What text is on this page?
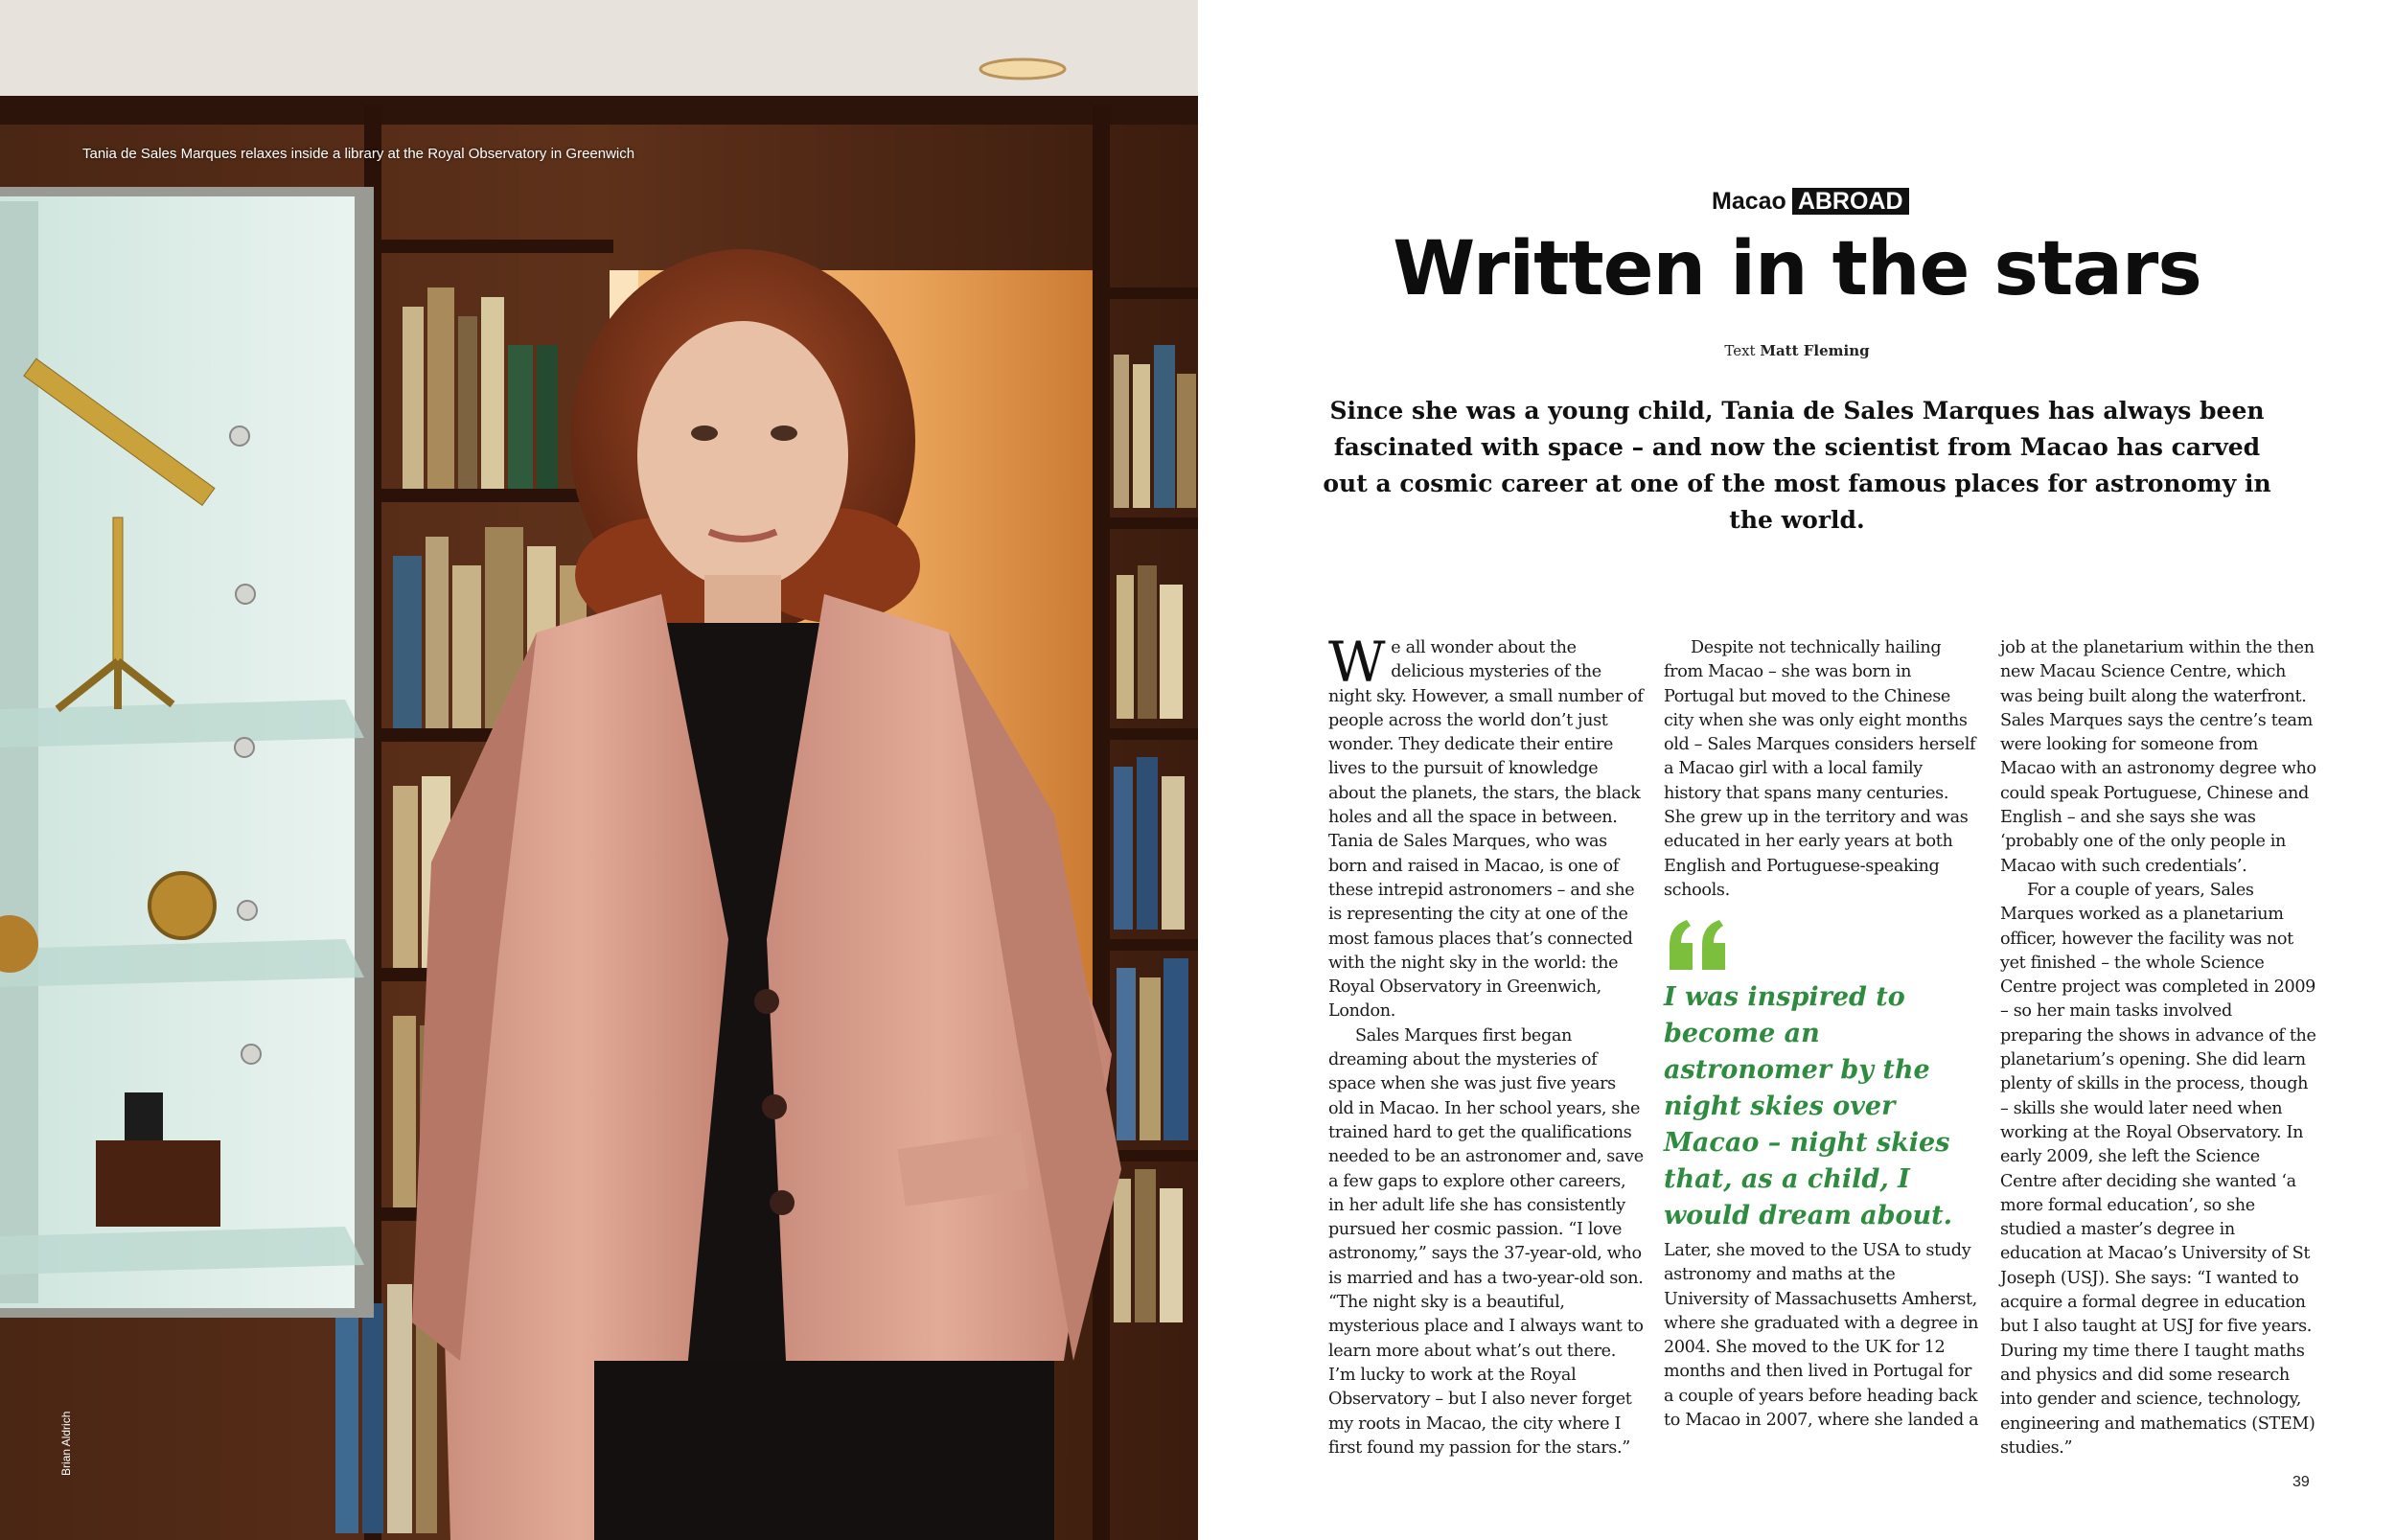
Tania de Sales Marques relaxes inside a library at the Royal Observatory in Greenwich
Brian Aldrich
Macao ABROAD
Written in the stars
Text Matt Fleming
Since she was a young child, Tania de Sales Marques has always been fascinated with space – and now the scientist from Macao has carved out a cosmic career at one of the most famous places for astronomy in the world.

We all wonder about the delicious mysteries of the night sky. However, a small number of people across the world don’t just wonder. They dedicate their entire lives to the pursuit of knowledge about the planets, the stars, the black holes and all the space in between. Tania de Sales Marques, who was born and raised in Macao, is one of these intrepid astronomers – and she is representing the city at one of the most famous places that’s connected with the night sky in the world: the Royal Observatory in Greenwich, London.

Sales Marques first began dreaming about the mysteries of space when she was just five years old in Macao. In her school years, she trained hard to get the qualifications needed to be an astronomer and, save a few gaps to explore other careers, in her adult life she has consistently pursued her cosmic passion. “I love astronomy,” says the 37-year-old, who is married and has a two-year-old son. “The night sky is a beautiful, mysterious place and I always want to learn more about what’s out there. I’m lucky to work at the Royal Observatory – but I also never forget my roots in Macao, the city where I first found my passion for the stars.”

Despite not technically hailing from Macao – she was born in Portugal but moved to the Chinese city when she was only eight months old – Sales Marques considers herself a Macao girl with a local family history that spans many centuries. She grew up in the territory and was educated in her early years at both English and Portuguese-speaking schools.

I was inspired to become an astronomer by the night skies over Macao – night skies that, as a child, I would dream about.

Later, she moved to the USA to study astronomy and maths at the University of Massachusetts Amherst, where she graduated with a degree in 2004. She moved to the UK for 12 months and then lived in Portugal for a couple of years before heading back to Macao in 2007, where she landed a

job at the planetarium within the then new Macau Science Centre, which was being built along the waterfront. Sales Marques says the centre’s team were looking for someone from Macao with an astronomy degree who could speak Portuguese, Chinese and English – and she says she was ‘probably one of the only people in Macao with such credentials’.

For a couple of years, Sales Marques worked as a planetarium officer, however the facility was not yet finished – the whole Science Centre project was completed in 2009 – so her main tasks involved preparing the shows in advance of the planetarium’s opening. She did learn plenty of skills in the process, though – skills she would later need when working at the Royal Observatory. In early 2009, she left the Science Centre after deciding she wanted ‘a more formal education’, so she studied a master’s degree in education at Macao’s University of St Joseph (USJ). She says: “I wanted to acquire a formal degree in education but I also taught at USJ for five years. During my time there I taught maths and physics and did some research into gender and science, technology, engineering and mathematics (STEM) studies.”

39
